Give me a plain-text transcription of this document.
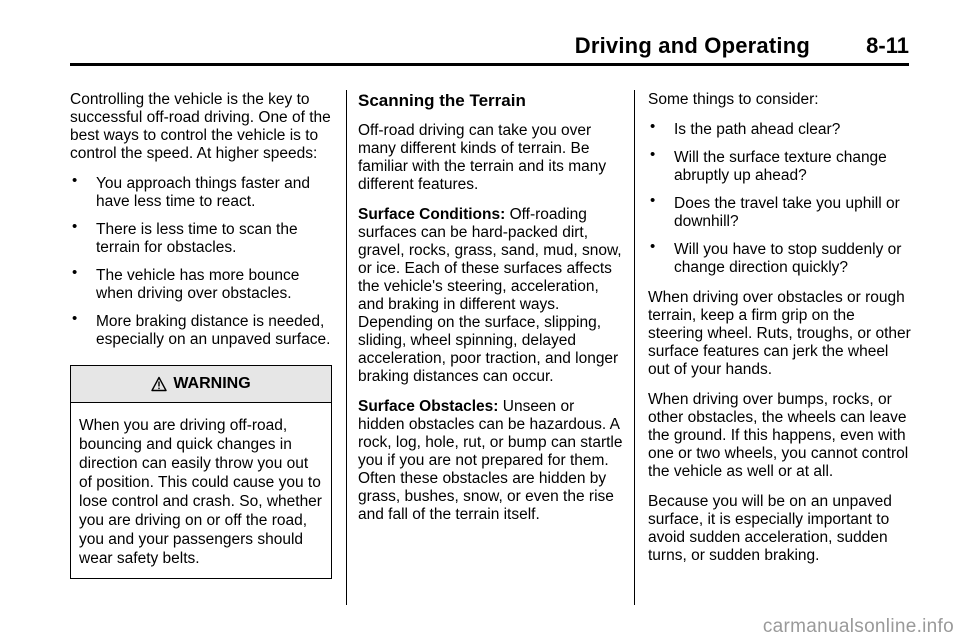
Driving and Operating	8-11

Controlling the vehicle is the key to successful off-road driving. One of the best ways to control the vehicle is to control the speed. At higher speeds:

• You approach things faster and have less time to react.
• There is less time to scan the terrain for obstacles.
• The vehicle has more bounce when driving over obstacles.
• More braking distance is needed, especially on an unpaved surface.
WARNING
When you are driving off-road, bouncing and quick changes in direction can easily throw you out of position. This could cause you to lose control and crash. So, whether you are driving on or off the road, you and your passengers should wear safety belts.
Scanning the Terrain

Off-road driving can take you over many different kinds of terrain. Be familiar with the terrain and its many different features.

Surface Conditions: Off-roading surfaces can be hard-packed dirt, gravel, rocks, grass, sand, mud, snow, or ice. Each of these surfaces affects the vehicle's steering, acceleration, and braking in different ways. Depending on the surface, slipping, sliding, wheel spinning, delayed acceleration, poor traction, and longer braking distances can occur.

Surface Obstacles: Unseen or hidden obstacles can be hazardous. A rock, log, hole, rut, or bump can startle you if you are not prepared for them. Often these obstacles are hidden by grass, bushes, snow, or even the rise and fall of the terrain itself.

Some things to consider:

• Is the path ahead clear?
• Will the surface texture change abruptly up ahead?
• Does the travel take you uphill or downhill?
• Will you have to stop suddenly or change direction quickly?

When driving over obstacles or rough terrain, keep a firm grip on the steering wheel. Ruts, troughs, or other surface features can jerk the wheel out of your hands.

When driving over bumps, rocks, or other obstacles, the wheels can leave the ground. If this happens, even with one or two wheels, you cannot control the vehicle as well or at all.

Because you will be on an unpaved surface, it is especially important to avoid sudden acceleration, sudden turns, or sudden braking.

carmanualsonline.info
